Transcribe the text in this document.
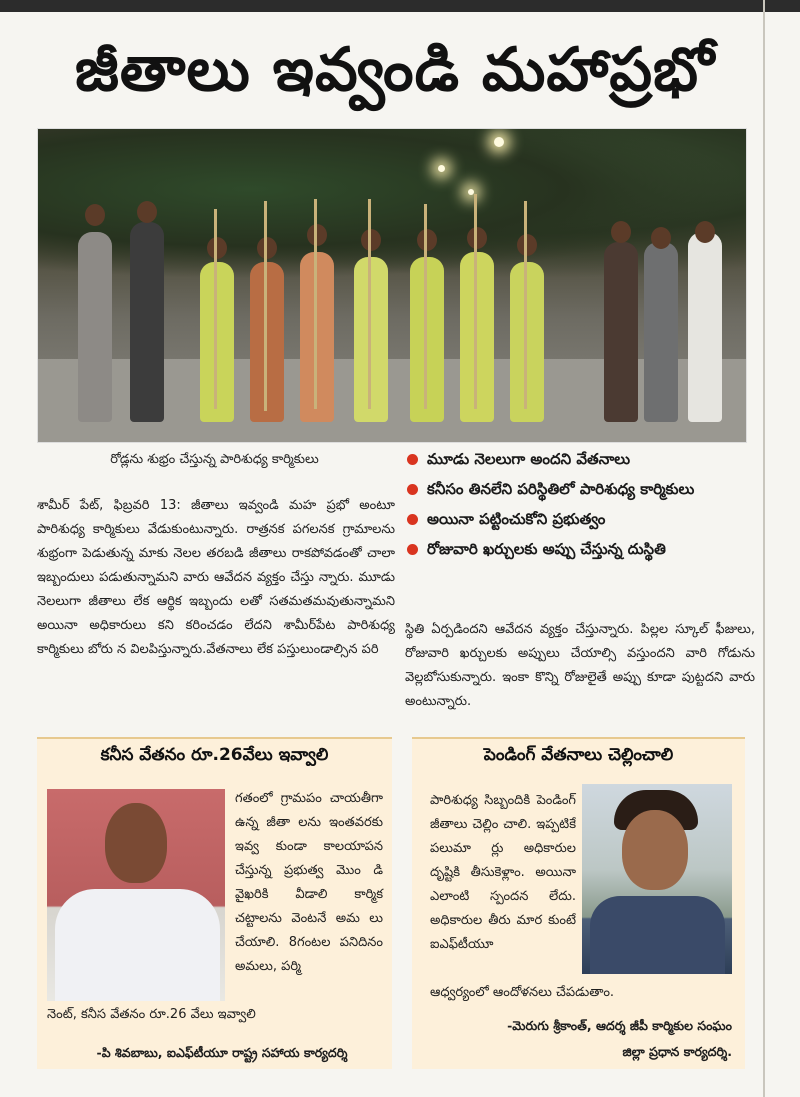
జీతాలు ఇవ్వండి మహాప్రభో
రోడ్లను శుభ్రం చేస్తున్న పారిశుధ్య కార్మికులు	మూడు నెలలుగా అందని వేతనాలు
కనీసం తినలేని పరిస్థితిలో పారిశుధ్య కార్మికులు
అయినా పట్టించుకోని ప్రభుత్వం
రోజువారి ఖర్చులకు అప్పు చేస్తున్న దుస్థితి
శామీర్ పేట్, ఫిబ్రవరి 13: జీతాలు ఇవ్వండి మహ ప్రభో అంటూ పారిశుధ్య కార్మికులు వేడుకుంటున్నారు. రాత్రనక పగలనక గ్రామాలను శుభ్రంగా పెడుతున్న మాకు నెలల తరబడి జీతాలు రాకపోవడంతో చాలా ఇబ్బందులు పడుతున్నామని వారు ఆవేదన వ్యక్తం చేస్తు న్నారు. మూడు నెలలుగా జీతాలు లేక ఆర్థిక ఇబ్బందు లతో సతమతమవుతున్నామని అయినా అధికారులు కని కరించడం లేదని శామీర్‌పేట పారిశుధ్య కార్మికులు బోరు న విలపిస్తున్నారు.వేతనాలు లేక పస్తులుండాల్సిన పరి
స్థితి ఏర్పడిందని ఆవేదన వ్యక్తం చేస్తున్నారు. పిల్లల స్కూల్ ఫీజులు, రోజువారి ఖర్చులకు అప్పులు చేయాల్సి వస్తుందని వారి గోడును వెల్లబోసుకున్నారు. ఇంకా కొన్ని రోజులైతే అప్పు కూడా పుట్టదని వారు అంటున్నారు.
కనీస వేతనం రూ.26వేలు ఇవ్వాలి
గతంలో గ్రామపం చాయతీగా ఉన్న జీతా లను ఇంతవరకు ఇవ్వ కుండా కాలయాపన చేస్తున్న ప్రభుత్వ మొం డి వైఖరికి వీడాలి కార్మిక చట్టాలను వెంటనే అమ లు చేయాలి. 8గంటల పనిదినం అమలు, పర్మి
నెంట్, కనీస వేతనం రూ.26 వేలు ఇవ్వాలి
-పి శివబాబు, ఐఎఫ్‌టీయూ రాష్ట్ర సహాయ కార్యదర్శి
పెండింగ్ వేతనాలు చెల్లించాలి
పారిశుధ్య సిబ్బందికి పెండింగ్ జీతాలు చెల్లిం చాలి. ఇప్పటికే పలుమా ర్లు అధికారుల దృష్టికి తీసుకెళ్లాం. అయినా ఎలాంటి స్పందన లేదు. అధికారుల తీరు మార కుంటే ఐఎఫ్‌టీయూ
ఆధ్వర్యంలో ఆందోళనలు చేపడుతాం.
-మెరుగు శ్రీకాంత్, ఆదర్శ జీపీ కార్మికుల సంఘం
జిల్లా ప్రధాన కార్యదర్శి.
